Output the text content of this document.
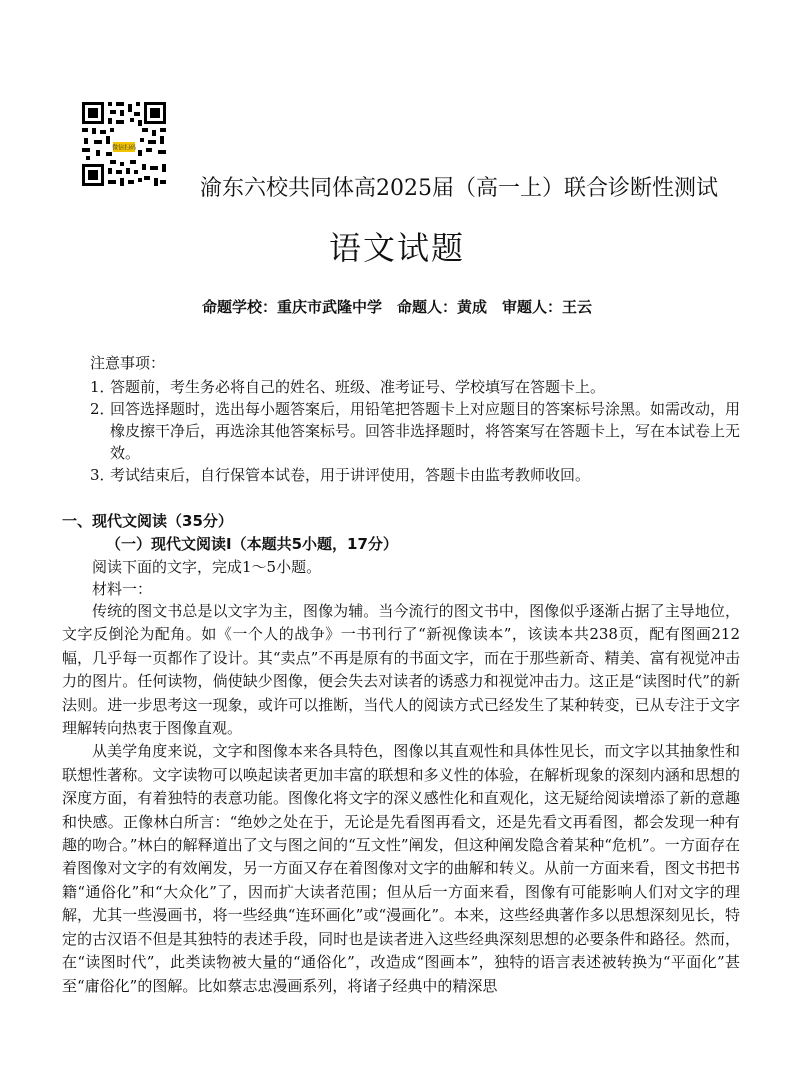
微信扫码
渝东六校共同体高2025届（高一上）联合诊断性测试
语文试题
命题学校：重庆市武隆中学　命题人：黄成　审题人：王云
注意事项：
1．
答题前，考生务必将自己的姓名、班级、准考证号、学校填写在答题卡上。
2．
回答选择题时，选出每小题答案后，用铅笔把答题卡上对应题目的答案标号涂黑。如需改动，用橡皮擦干净后，再选涂其他答案标号。回答非选择题时，将答案写在答题卡上，写在本试卷上无效。
3．
考试结束后，自行保管本试卷，用于讲评使用，答题卡由监考教师收回。
一、现代文阅读（35分）
（一）现代文阅读Ⅰ（本题共5小题，17分）
阅读下面的文字，完成1～5小题。
材料一：

传统的图文书总是以文字为主，图像为辅。当今流行的图文书中，图像似乎逐渐占据了主导地位，文字反倒沦为配角。如《一个人的战争》一书刊行了“新视像读本”，该读本共238页，配有图画212幅，几乎每一页都作了设计。其“卖点”不再是原有的书面文字，而在于那些新奇、精美、富有视觉冲击力的图片。任何读物，倘使缺少图像，便会失去对读者的诱惑力和视觉冲击力。这正是“读图时代”的新法则。进一步思考这一现象，或许可以推断，当代人的阅读方式已经发生了某种转变，已从专注于文字理解转向热衷于图像直观。

从美学角度来说，文字和图像本来各具特色，图像以其直观性和具体性见长，而文字以其抽象性和联想性著称。文字读物可以唤起读者更加丰富的联想和多义性的体验，在解析现象的深刻内涵和思想的深度方面，有着独特的表意功能。图像化将文字的深义感性化和直观化，这无疑给阅读增添了新的意趣和快感。正像林白所言：“绝妙之处在于，无论是先看图再看文，还是先看文再看图，都会发现一种有趣的吻合。”林白的解释道出了文与图之间的“互文性”阐发，但这种阐发隐含着某种“危机”。一方面存在着图像对文字的有效阐发，另一方面又存在着图像对文字的曲解和转义。从前一方面来看，图文书把书籍“通俗化”和“大众化”了，因而扩大读者范围；但从后一方面来看，图像有可能影响人们对文字的理解，尤其一些漫画书，将一些经典“连环画化”或“漫画化”。本来，这些经典著作多以思想深刻见长，特定的古汉语不但是其独特的表述手段，同时也是读者进入这些经典深刻思想的必要条件和路径。然而，在“读图时代”，此类读物被大量的“通俗化”，改造成“图画本”，独特的语言表述被转换为“平面化”甚至“庸俗化”的图解。比如蔡志忠漫画系列，将诸子经典中的精深思
